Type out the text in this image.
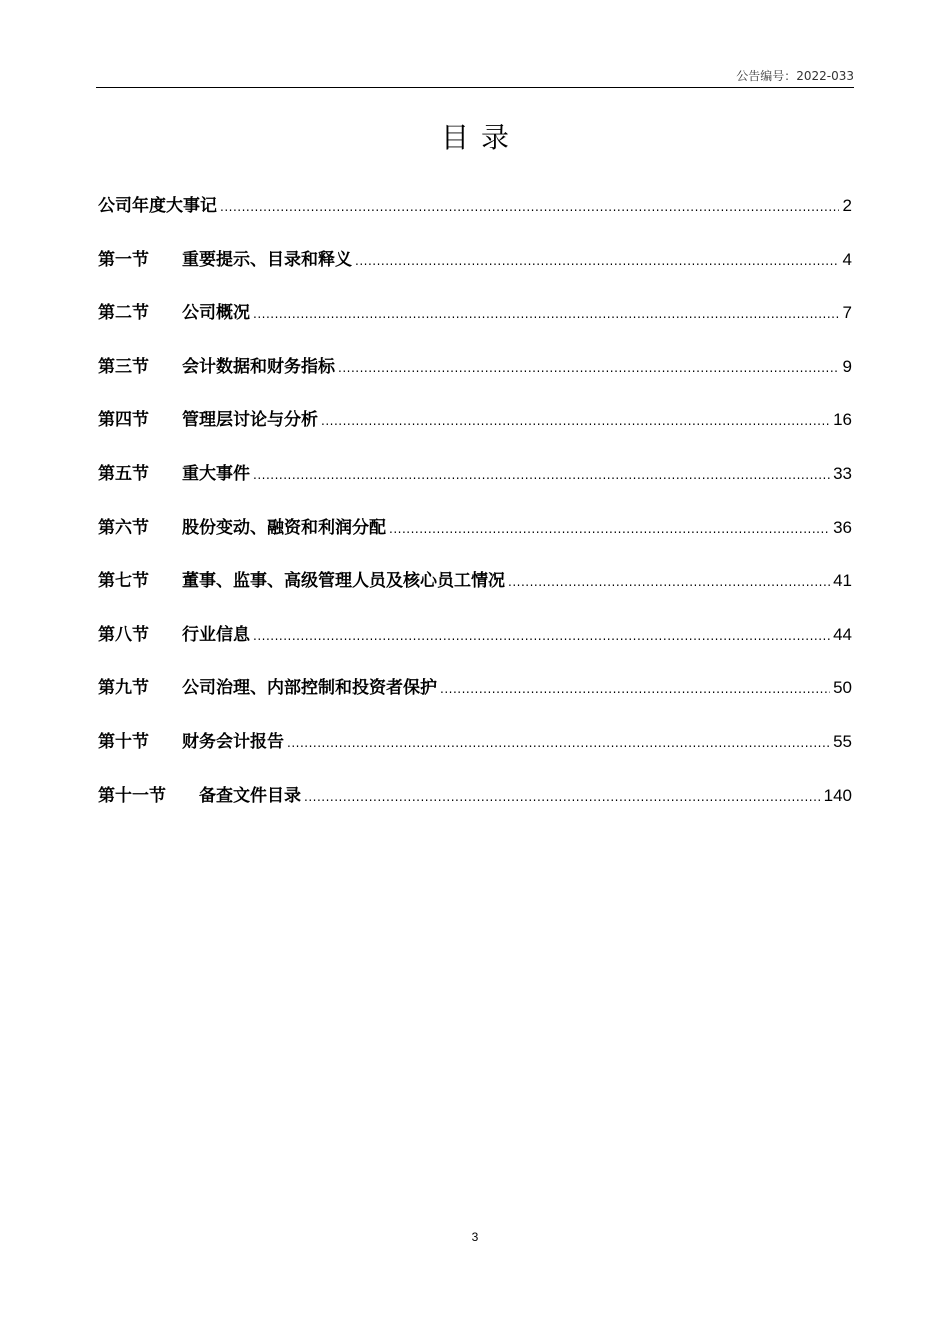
公告编号：2022-033
目录
公司年度大事记 .....	2
第一节	重要提示、目录和释义 .....	4
第二节	公司概况 .....	7
第三节	会计数据和财务指标 .....	9
第四节	管理层讨论与分析 .....	16
第五节	重大事件 .....	33
第六节	股份变动、融资和利润分配 .....	36
第七节	董事、监事、高级管理人员及核心员工情况 .....	41
第八节	行业信息 .....	44
第九节	公司治理、内部控制和投资者保护 .....	50
第十节	财务会计报告 .....	55
第十一节	备查文件目录 .....	140
3
